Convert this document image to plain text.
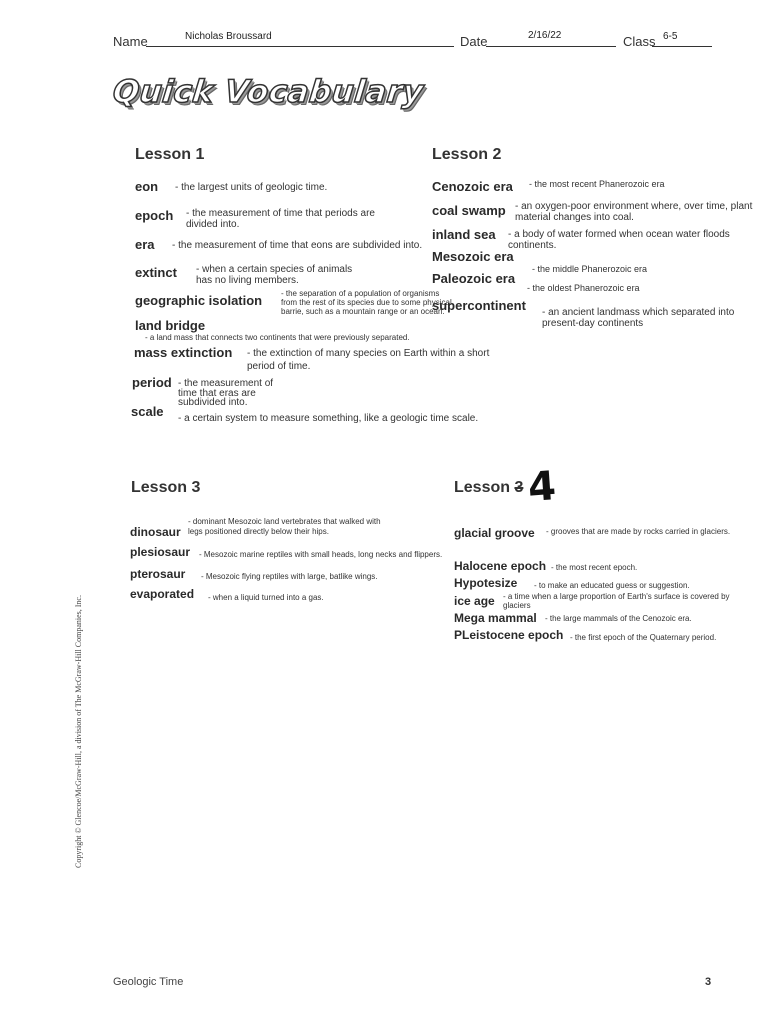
Name	Nicholas Broussard	Date	2/16/22	Class 6-5
Quick Vocabulary
Lesson 1
eon - the largest units of geologic time.
epoch - the measurement of time that periods are divided into.
era - the measurement of time that eons are subdivided into.
extinct - when a certain species of animals has no living members.
geographic isolation - the separation of a population of organisms from the rest of its species due to some physical barrie, such as a mountain range or an ocean.
land bridge
- a land mass that connects two continents that were previously separated.
mass extinction - the extinction of many species on Earth within a short period of time.
period - the measurement of time that eras are subdivided into.
scale - a certain system to measure something, like a geologic time scale.
Lesson 2
Cenozoic era - the most recent Phanerozoic era
coal swamp - an oxygen-poor environment where, over time, plant material changes into coal.
inland sea - a body of water formed when ocean water floods continents.
Mesozoic era
- the middle Phanerozoic era
Paleozoic era
- the oldest Phanerozoic era
supercontinent - an ancient landmass which separated into present-day continents
Lesson 3
dinosaur
- dominant Mesozoic land vertebrates that walked with legs positioned directly below their hips.
plesiosaur - Mesozoic marine reptiles with small heads, long necks and flippers.
pterosaur - Mesozoic flying reptiles with large, batlike wings.
evaporated - when a liquid turned into a gas.
Lesson 3 4
glacial groove - grooves that are made by rocks carried in glaciers.
Halocene epoch - the most recent epoch.
Hypotesize - to make an educated guess or suggestion.
ice age - a time when a large proportion of Earth's surface is covered by glaciers
Mega mammal - the large mammals of the Cenozoic era.
PLeistocene epoch - the first epoch of the Quaternary period.
Copyright © Glencoe/McGraw-Hill, a division of The McGraw-Hill Companies, Inc.
Geologic Time	3
